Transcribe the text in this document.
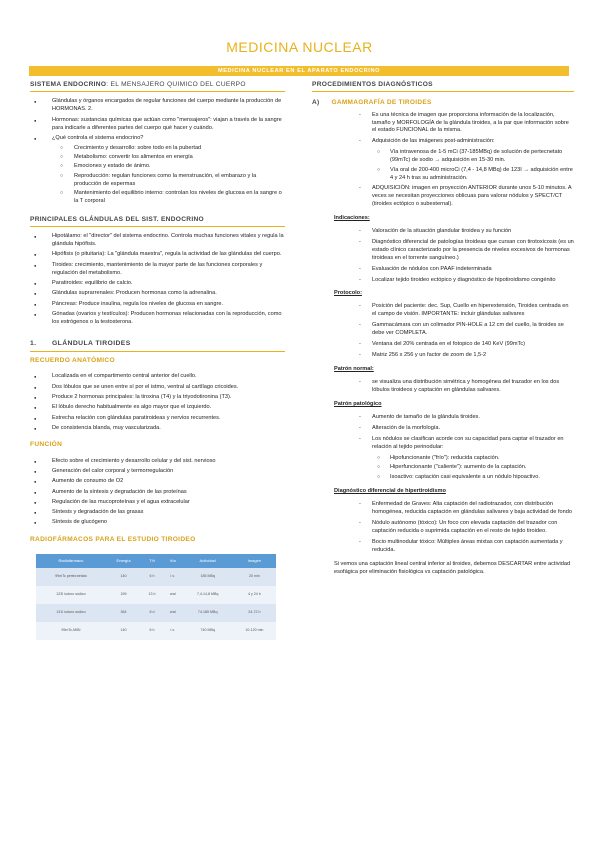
MEDICINA NUCLEAR
MEDICINA NUCLEAR EN EL APARATO ENDOCRINO
SISTEMA ENDOCRINO: EL MENSAJERO QUIMICO DEL CUERPO
● Glándulas y órganos encargados de regular funciones del cuerpo mediante la producción de HORMONAS. 2.
● Hormonas: sustancias químicas que actúan como "mensajeros": viajan a través de la sangre para indicarle a diferentes partes del cuerpo qué hacer y cuándo.
● ¿Qué controla el sistema endocrino?
○ Crecimiento y desarrollo: sobre todo en la pubertad
○ Metabolismo: convertir los alimentos en energía
○ Emociones y estado de ánimo.
○ Reproducción: regulan funciones como la menstruación, el embarazo y la producción de espermas
○ Mantenimiento del equilibrio interno: controlan los niveles de glucosa en la sangre o la T corporal
PRINCIPALES GLÁNDULAS DEL SIST. ENDOCRINO
● Hipotálamo: el "director" del sistema endocrino. Controla muchas funciones vitales y regula la glándula hipófisis.
● Hipófisis (o pituitaria): La "glándula maestra", regula la actividad de las glándulas del cuerpo.
● Tiroides: crecimiento, mantenimiento de la mayor parte de las funciones corporales y regulación del metabolismo.
● Paratiroides: equilibrio de calcio.
● Glándulas suprarrenales: Producen hormonas como la adrenalina.
● Páncreas: Produce insulina, regula los niveles de glucosa en sangre.
● Gónadas (ovarios y testículos): Producen hormonas relacionadas con la reproducción, como los estrógenos o la testosterona.
1. GLÁNDULA TIROIDES
RECUERDO ANATÓMICO
● Localizada en el compartimento central anterior del cuello.
● Dos lóbulos que se unen entre sí por el istmo, ventral al cartílago cricoides.
● Produce 2 hormonas principales: la tiroxina (T4) y la triyodotironina (T3).
● El lóbulo derecho habitualmente es algo mayor que el izquierdo.
● Estrecha relación con glándulas paratiroideas y nervios recurrentes.
● De consistencia blanda, muy vascularizada.
FUNCIÓN
● Efecto sobre el crecimiento y desarrollo celular y del sist. nervioso
● Generación del calor corporal y termorregulación
● Aumento de consumo de O2
● Aumento de la síntesis y degradación de las proteínas
● Regulación de las mucoproteínas y el agua extracelular
● Síntesis y degradación de las grasas
● Síntesis de glucógeno
RADIOFÁRMACOS PARA EL ESTUDIO TIROIDEO
Radiofármaco	Energía	T½	Vía	Actividad	Imagen
99mTc pertecnetato	140	6 h	i.v.	185 MBq	20 min
123I ioduro sódico	159	13 h	oral	7,4-14,8 MBq	4 y 24 h
131I ioduro sódico	364	8 d	oral	74-185 MBq	24-72 h
99mTc-MIBI	140	6 h	i.v.	740 MBq	10-120 min
PROCEDIMIENTOS DIAGNÓSTICOS
A) GAMMAGRAFÍA DE TIROIDES
- Es una técnica de imagen que proporciona información de la localización, tamaño y MORFOLOGÍA de la glándula tiroides, a la par que información sobre el estado FUNCIONAL de la misma.
- Adquisición de las imágenes post-administración:
○ Vía intravenosa de 1-5 mCi (37-185MBq) de solución de pertecnetato (99mTc) de sodio → adquisición en 15-30 min.
○ Vía oral de 200-400 microCi (7,4 - 14,8 MBq) de 123I → adquisición entre 4 y 24 h tras su administración.
- ADQUISICIÓN: imagen en proyección ANTERIOR durante unos 5-10 minutos. A veces se necesitan proyecciones oblicuas para valorar nódulos y SPECT/CT (tiroides ectópico o subesternal).
Indicaciones:
- Valoración de la situación glandular tiroidea y su función
- Diagnóstico diferencial de patologías tiroideas que cursan con tirotoxicosis (es un estado clínico caracterizado por la presencia de niveles excesivos de hormonas tiroideas en el torrente sanguíneo.)
- Evaluación de nódulos con PAAF indeterminada
- Localizar tejido tiroideo ectópico y diagnóstico de hipotiroidismo congénito
Protocolo:
- Posición del paciente: dec. Sup, Cuello en hiperextensión, Tiroides centrada en el campo de visión. IMPORTANTE: incluir glándulas salivares
- Gammacámara con un colimador PIN-HOLE a 12 cm del cuello, la tiroides se debe ver COMPLETA.
- Ventana del 20% centrada en el fotopico de 140 KeV (99mTc)
- Matriz 256 x 256 y un factor de zoom de 1,5-2
Patrón normal:
- se visualiza una distribución simétrica y homogénea del trazador en los dos lóbulos tiroideos y captación en glándulas salivares.
Patrón patológico
- Aumento de tamaño de la glándula tiroides.
- Alteración de la morfología.
- Los nódulos se clasifican acorde con su capacidad para captar el trazador en relación al tejido perinodular:
○ Hipofuncionante ("frío"): reducida captación.
○ Hiperfuncionante ("caliente"): aumento de la captación.
○ Isoactivo: captación casi equivalente a un nódulo hipoactivo.
Diagnóstico diferencial de hipertiroidismo
- Enfermedad de Graves: Alta captación del radiotrazador, con distribución homogénea, reducida captación en glándulas salivares y baja actividad de fondo
- Nódulo autónomo (tóxico): Un foco con elevada captación del trazador con captación reducida o suprimida captación en el resto de tejido tiroideo.
- Bocio multinodular tóxico: Múltiples áreas mixtas con captación aumentada y reducida.
Si vemos una captación lineal central inferior al tiroides, debemos DESCARTAR entre actividad esofágica por eliminación fisiológica vs captación patológica.
